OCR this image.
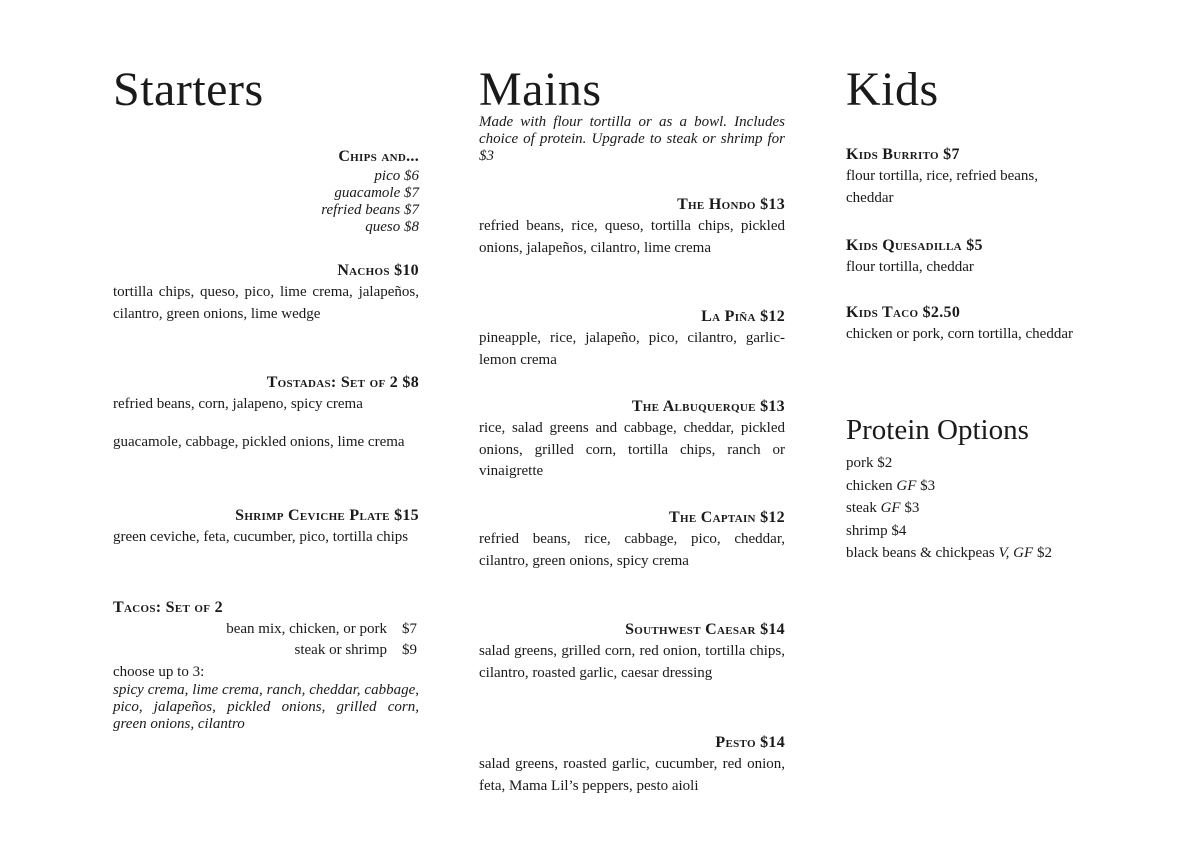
Starters
Chips and...
pico $6
guacamole $7
refried beans $7
queso $8
Nachos $10
tortilla chips, queso, pico, lime crema, jalapeños, cilantro, green onions, lime wedge
Tostadas: Set of 2 $8
refried beans, corn, jalapeno, spicy crema
guacamole, cabbage, pickled onions, lime crema
Shrimp Ceviche Plate $15
green ceviche, feta, cucumber, pico, tortilla chips
Tacos: Set of 2
bean mix, chicken, or pork $7
steak or shrimp $9
choose up to 3:
spicy crema, lime crema, ranch, cheddar, cabbage, pico, jalapeños, pickled onions, grilled corn, green onions, cilantro
Mains
Made with flour tortilla or as a bowl. Includes choice of protein. Upgrade to steak or shrimp for $3
The Hondo $13
refried beans, rice, queso, tortilla chips, pickled onions, jalapeños, cilantro, lime crema
La Piña $12
pineapple, rice, jalapeño, pico, cilantro, garlic-lemon crema
The Albuquerque $13
rice, salad greens and cabbage, cheddar, pickled onions, grilled corn, tortilla chips, ranch or vinaigrette
The Captain $12
refried beans, rice, cabbage, pico, cheddar, cilantro, green onions, spicy crema
Southwest Caesar $14
salad greens, grilled corn, red onion, tortilla chips, cilantro, roasted garlic, caesar dressing
Pesto $14
salad greens, roasted garlic, cucumber, red onion, feta, Mama Lil’s peppers, pesto aioli
Kids
Kids Burrito $7
flour tortilla, rice, refried beans, cheddar
Kids Quesadilla $5
flour tortilla, cheddar
Kids Taco $2.50
chicken or pork, corn tortilla, cheddar
Protein Options
pork $2
chicken GF $3
steak GF $3
shrimp $4
black beans & chickpeas V, GF $2
